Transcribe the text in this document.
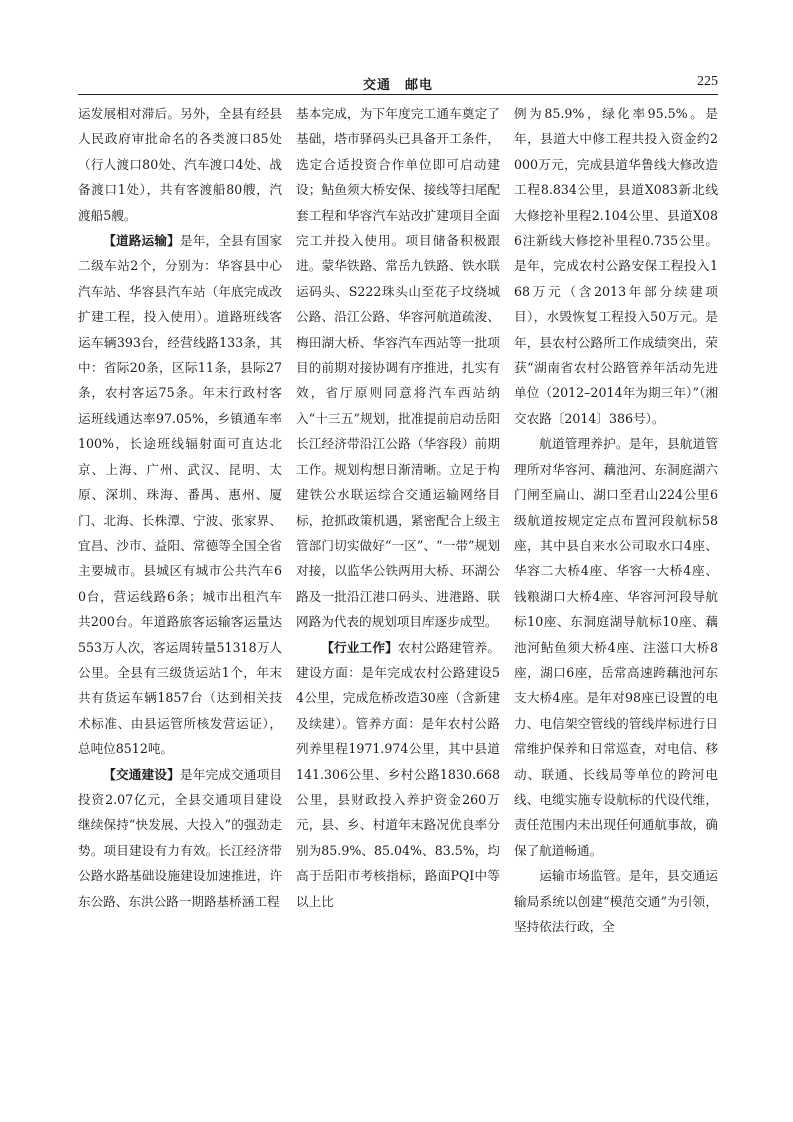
交通　邮电	225

运发展相对滞后。另外，全县有经县人民政府审批命名的各类渡口85处（行人渡口80处、汽车渡口4处、战备渡口1处），共有客渡船80艘，汽渡船5艘。

【道路运输】是年，全县有国家二级车站2个，分别为：华容县中心汽车站、华容县汽车站（年底完成改扩建工程，投入使用）。道路班线客运车辆393台，经营线路133条，其中：省际20条，区际11条，县际27条，农村客运75条。年末行政村客运班线通达率97.05%，乡镇通车率100%，长途班线辐射面可直达北京、上海、广州、武汉、昆明、太原、深圳、珠海、番禺、惠州、厦门、北海、长株潭、宁波、张家界、宜昌、沙市、益阳、常德等全国全省主要城市。县城区有城市公共汽车60台，营运线路6条；城市出租汽车共200台。年道路旅客运输客运量达553万人次，客运周转量51318万人公里。全县有三级货运站1个，年末共有货运车辆1857台（达到相关技术标准、由县运管所核发营运证），总吨位8512吨。

【交通建设】是年完成交通项目投资2.07亿元，全县交通项目建设继续保持“快发展、大投入”的强劲走势。项目建设有力有效。长江经济带公路水路基础设施建设加速推进，许东公路、东洪公路一期路基桥涵工程

基本完成，为下年度完工通车奠定了基础，塔市驿码头已具备开工条件，选定合适投资合作单位即可启动建设；鲇鱼须大桥安保、接线等扫尾配套工程和华容汽车站改扩建项目全面完工并投入使用。项目储备积极跟进。蒙华铁路、常岳九铁路、铁水联运码头、S222珠头山至花子坟绕城公路、沿江公路、华容河航道疏浚、梅田湖大桥、华容汽车西站等一批项目的前期对接协调有序推进，扎实有效，省厅原则同意将汽车西站纳入“十三五”规划，批准提前启动岳阳长江经济带沿江公路（华容段）前期工作。规划构想日渐清晰。立足于构建铁公水联运综合交通运输网络目标，抢抓政策机遇，紧密配合上级主管部门切实做好“一区”、“一带”规划对接，以监华公铁两用大桥、环湖公路及一批沿江港口码头、进港路、联网路为代表的规划项目库逐步成型。

【行业工作】农村公路建管养。建设方面：是年完成农村公路建设54公里，完成危桥改造30座（含新建及续建）。管养方面：是年农村公路列养里程1971.974公里，其中县道141.306公里、乡村公路1830.668公里，县财政投入养护资金260万元，县、乡、村道年末路况优良率分别为85.9%、85.04%、83.5%，均高于岳阳市考核指标，路面PQI中等以上比

例为85.9%，绿化率95.5%。是年，县道大中修工程共投入资金约2000万元，完成县道华鲁线大修改造工程8.834公里，县道X083新北线大修挖补里程2.104公里、县道X086注新线大修挖补里程0.735公里。是年，完成农村公路安保工程投入168万元（含2013年部分续建项目），水毁恢复工程投入50万元。是年，县农村公路所工作成绩突出，荣获“湖南省农村公路管养年活动先进单位（2012–2014年为期三年）”（湘交农路〔2014〕386号）。

航道管理养护。是年，县航道管理所对华容河、藕池河、东洞庭湖六门闸至扁山、湖口至君山224公里6级航道按规定定点布置河段航标58座，其中县自来水公司取水口4座、华容二大桥4座、华容一大桥4座、钱粮湖口大桥4座、华容河河段导航标10座、东洞庭湖导航标10座、藕池河鲇鱼须大桥4座、注滋口大桥8座，湖口6座，岳常高速跨藕池河东支大桥4座。是年对98座已设置的电力、电信架空管线的管线岸标进行日常维护保养和日常巡查，对电信、移动、联通、长线局等单位的跨河电线、电缆实施专设航标的代设代维，责任范围内未出现任何通航事故，确保了航道畅通。

运输市场监管。是年，县交通运输局系统以创建“模范交通”为引领，坚持依法行政，全
